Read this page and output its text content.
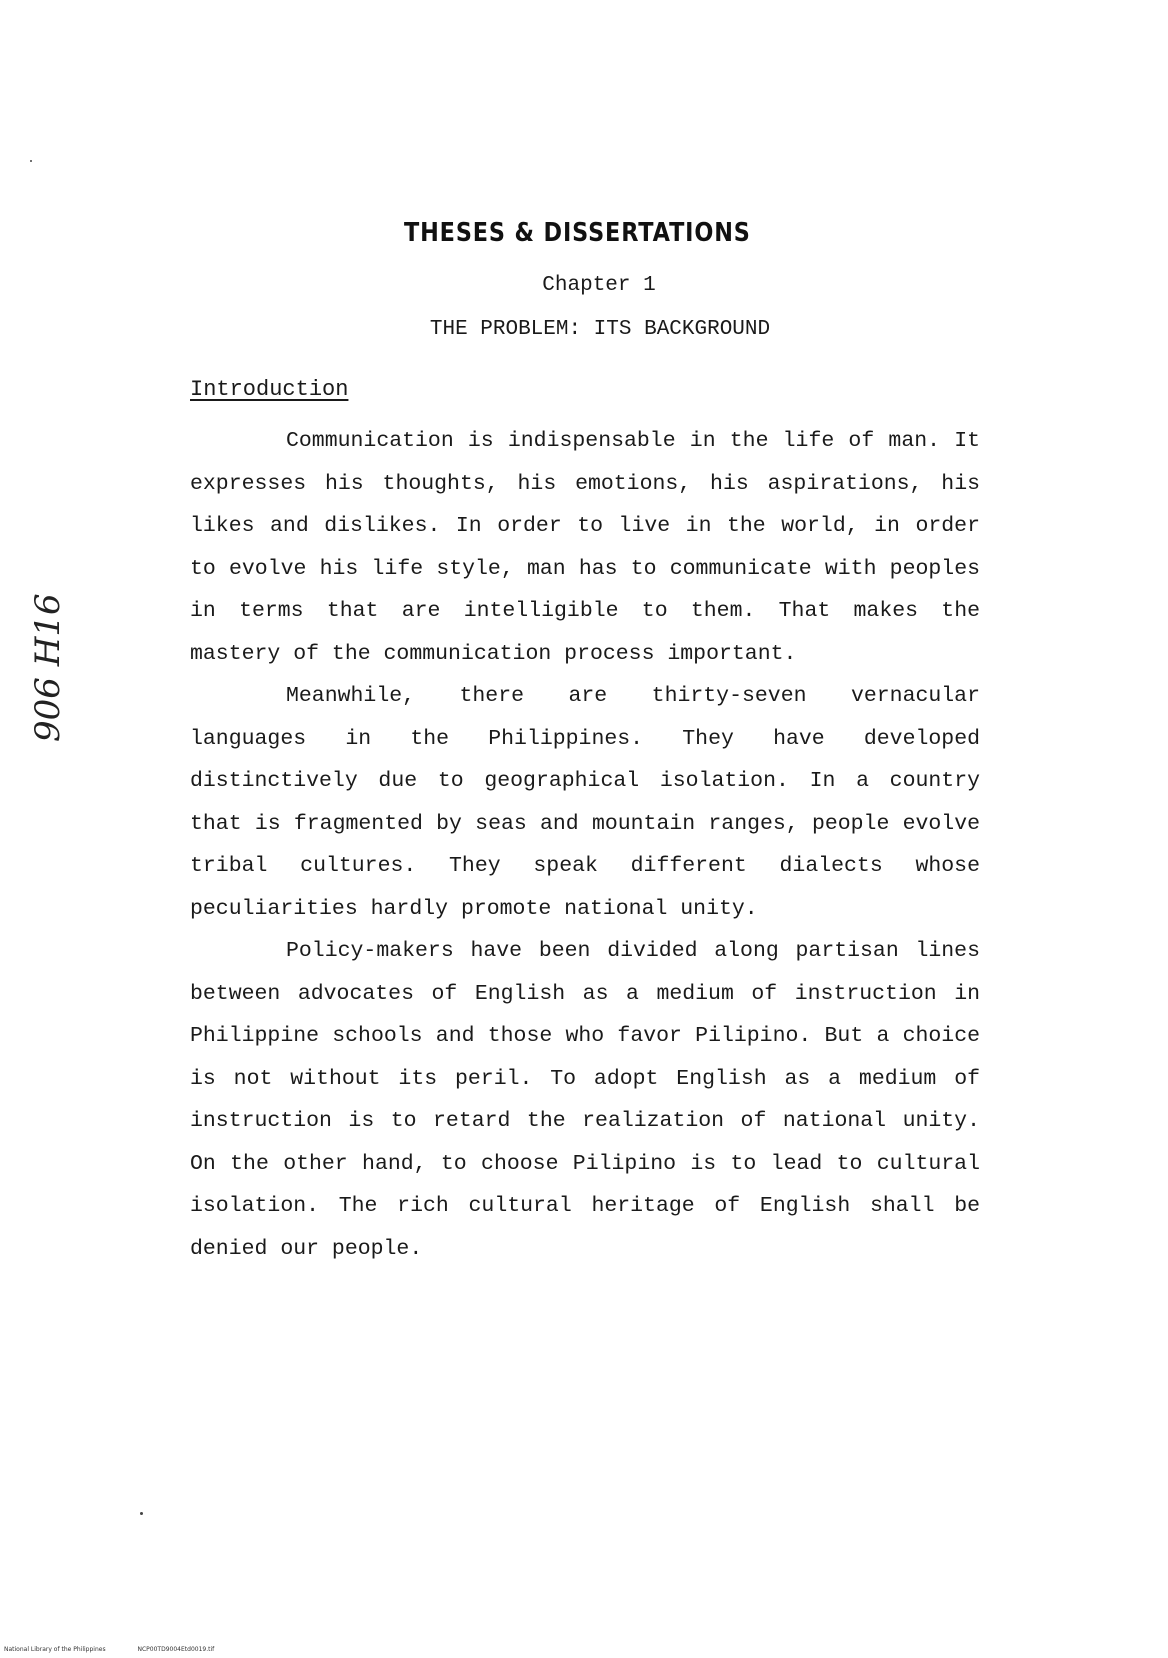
THESES & DISSERTATIONS
Chapter 1
THE PROBLEM: ITS BACKGROUND
Introduction

Communication is indispensable in the life of man. It expresses his thoughts, his emotions, his aspirations, his likes and dislikes. In order to live in the world, in order to evolve his life style, man has to communicate with peoples in terms that are intelligible to them. That makes the mastery of the communication process important.

Meanwhile, there are thirty-seven vernacular languages in the Philippines. They have developed distinctively due to geographical isolation. In a country that is fragmented by seas and mountain ranges, people evolve tribal cultures. They speak different dialects whose peculiarities hardly promote national unity.

Policy-makers have been divided along partisan lines between advocates of English as a medium of instruction in Philippine schools and those who favor Pilipino. But a choice is not without its peril. To adopt English as a medium of instruction is to retard the realization of national unity. On the other hand, to choose Pilipino is to lead to cultural isolation. The rich cultural heritage of English shall be denied our people.

906 H16
National Library of the Philippines	NCP00TD9004Etd0019.tif
